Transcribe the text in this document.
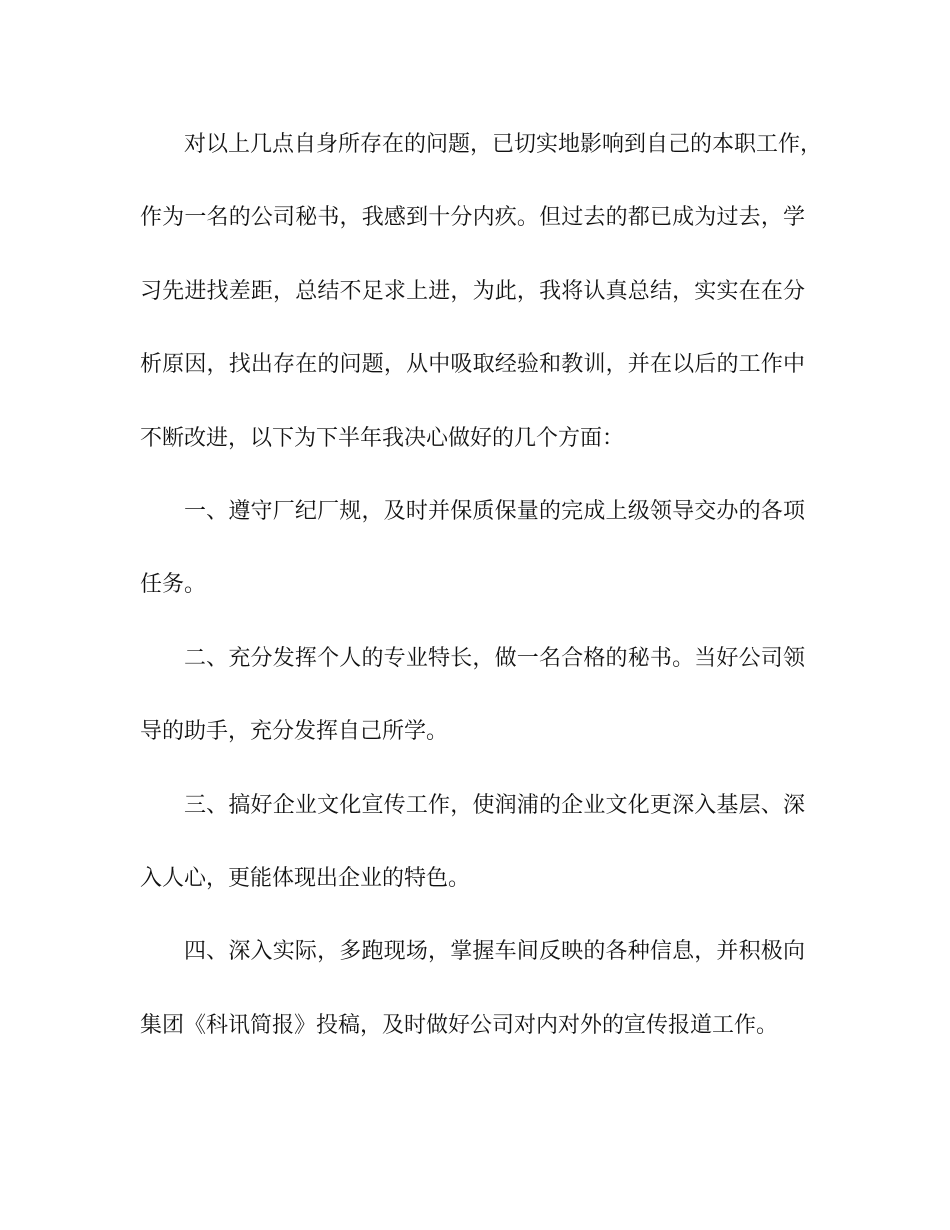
对以上几点自身所存在的问题，已切实地影响到自己的本职工作，
作为一名的公司秘书，我感到十分内疚。但过去的都已成为过去，学
习先进找差距，总结不足求上进，为此，我将认真总结，实实在在分
析原因，找出存在的问题，从中吸取经验和教训，并在以后的工作中
不断改进，以下为下半年我决心做好的几个方面：
一、遵守厂纪厂规，及时并保质保量的完成上级领导交办的各项
任务。
二、充分发挥个人的专业特长，做一名合格的秘书。当好公司领
导的助手，充分发挥自己所学。
三、搞好企业文化宣传工作，使润浦的企业文化更深入基层、深
入人心，更能体现出企业的特色。
四、深入实际，多跑现场，掌握车间反映的各种信息，并积极向
集团《科讯简报》投稿，及时做好公司对内对外的宣传报道工作。
